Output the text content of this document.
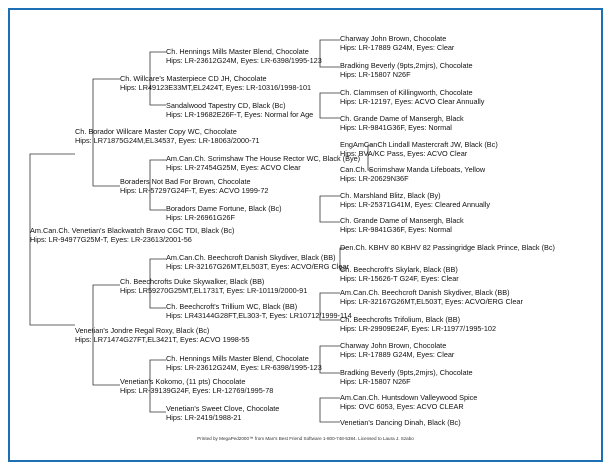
Am.Can.Ch. Venetian's Blackwatch Bravo CGC TDI, Black (Bc)
Hips: LR-94977G25M-T, Eyes: LR-23613/2001-56
Ch. Borador Willcare Master Copy WC, Chocolate
Hips: LR71875G24M,EL34537, Eyes: LR-18063/2000-71
Venetian's Jondre Regal Roxy, Black (Bc)
Hips: LR71474G27FT,EL3421T, Eyes: ACVO 1998-55
Ch. Willcare's Masterpiece CD JH, Chocolate
Hips: LR49123E33MT,EL2424T, Eyes: LR-10316/1998-101
Boraders Not Bad For Brown, Chocolate
Hips: LR-57297G24F-T, Eyes: ACVO 1999-72
Ch. Beechcrofts Duke Skywalker, Black (BB)
Hips: LR59270G25MT,EL1731T, Eyes: LR-10119/2000-91
Venetian's Kokomo, (11 pts) Chocolate
Hips: LR-39139G24F, Eyes: LR-12769/1995-78
Ch. Hennings Mills Master Blend, Chocolate
Hips: LR-23612G24M, Eyes: LR-6398/1995-123
Sandalwood Tapestry CD, Black (Bc)
Hips: LR-19682E26F-T, Eyes: Normal for Age
Am.Can.Ch. Scrimshaw The House Rector WC, Black (Bye)
Hips: LR-27454G25M, Eyes: ACVO Clear
Boradors Dame Fortune, Black (Bc)
Hips: LR-26961G26F
Am.Can.Ch. Beechcroft Danish Skydiver, Black (BB)
Hips: LR-32167G26MT,EL503T, Eyes: ACVO/ERG Clear
Ch. Beechcroft's Trillium WC, Black (BB)
Hips: LR43144G28FT,EL303-T, Eyes: LR10712/1999-114
Ch. Hennings Mills Master Blend, Chocolate
Hips: LR-23612G24M, Eyes: LR-6398/1995-123
Venetian's Sweet Clove, Chocolate
Hips: LR-2419/1988-21
Charway John Brown, Chocolate
Hips: LR-17889 G24M, Eyes: Clear
Bradking Beverly (9pts,2mjrs), Chocolate
Hips: LR-15807 N26F
Ch. Clammsen of Killingworth, Chocolate
Hips: LR-12197, Eyes: ACVO Clear Annually
Ch. Grande Dame of Mansergh, Black
Hips: LR-9841G36F, Eyes: Normal
EngAmCanCh Lindall Mastercraft JW, Black (Bc)
Hips: BVA/KC Pass, Eyes: ACVO Clear
Can.Ch. Scrimshaw Manda Lifeboats, Yellow
Hips: LR-20629N36F
Ch. Marshland Blitz, Black (By)
Hips: LR-25371G41M, Eyes: Cleared Annually
Ch. Grande Dame of Mansergh, Black
Hips: LR-9841G36F, Eyes: Normal
Den.Ch. KBHV 80 KBHV 82 Passingridge Black Prince, Black (Bc)
Ch. Beechcroft's Skylark, Black (BB)
Hips: LR-15626-T G24F, Eyes: Clear
Am.Can.Ch. Beechcroft Danish Skydiver, Black (BB)
Hips: LR-32167G26MT,EL503T, Eyes: ACVO/ERG Clear
Ch. Beechcrofts Trifolium, Black (BB)
Hips: LR-29909E24F, Eyes: LR-11977/1995-102
Charway John Brown, Chocolate
Hips: LR-17889 G24M, Eyes: Clear
Bradking Beverly (9pts,2mjrs), Chocolate
Hips: LR-15807 N26F
Am.Can.Ch. Huntsdown Valleywood Spice
Hips: OVC 6053, Eyes: ACVO CLEAR
Venetian's Dancing Dinah, Black (Bc)
Printed by MegaPed2000™ from Man's Best Friend Software 1-800-748-5384. Licensed to Laura J. Szabo
